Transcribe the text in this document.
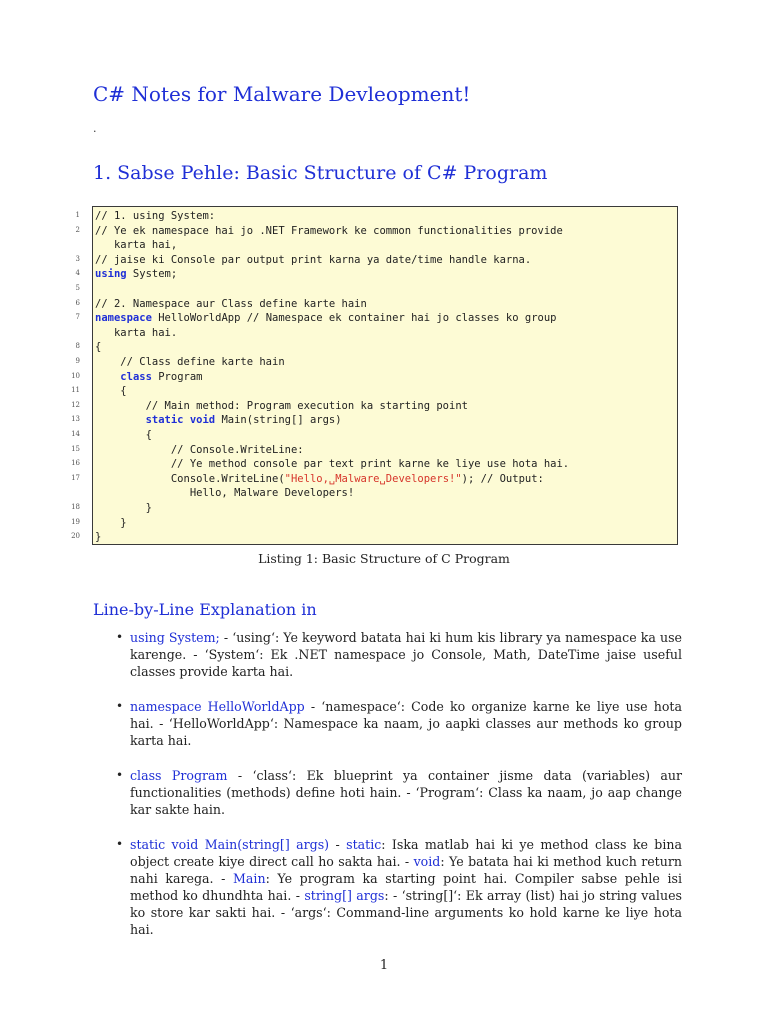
C# Notes for Malware Devleopment!
.
1. Sabse Pehle: Basic Structure of C# Program
// 1. using System:
// Ye ek namespace hai jo .NET Framework ke common functionalities provide
karta hai,
// jaise ki Console par output print karna ya date/time handle karna.
using System;
// 2. Namespace aur Class define karte hain
namespace HelloWorldApp // Namespace ek container hai jo classes ko group
karta hai.
{
// Class define karte hain
class Program
{
// Main method: Program execution ka starting point
static void Main(string[] args)
{
// Console.WriteLine:
// Ye method console par text print karne ke liye use hota hai.
Console.WriteLine("Hello,␣Malware␣Developers!"); // Output:
Hello, Malware Developers!
}
}
}
1
2
3
4
5
6
7
8
9
10
11
12
13
14
15
16
17
18
19
20
Listing 1: Basic Structure of C Program
Line-by-Line Explanation in
• using System; - ‘using‘: Ye keyword batata hai ki hum kis library ya namespace ka use karenge. - ‘System‘: Ek .NET namespace jo Console, Math, DateTime jaise useful classes provide karta hai.
• namespace HelloWorldApp - ‘namespace‘: Code ko organize karne ke liye use hota hai. - ‘HelloWorldApp‘: Namespace ka naam, jo aapki classes aur methods ko group karta hai.
• class Program - ‘class‘: Ek blueprint ya container jisme data (variables) aur functionalities (methods) define hoti hain. - ‘Program‘: Class ka naam, jo aap change kar sakte hain.
• static void Main(string[] args) - static: Iska matlab hai ki ye method class ke bina object create kiye direct call ho sakta hai. - void: Ye batata hai ki method kuch return nahi karega. - Main: Ye program ka starting point hai. Compiler sabse pehle isi method ko dhundhta hai. - string[] args: - ‘string[]‘: Ek array (list) hai jo string values ko store kar sakti hai. - ‘args‘: Command-line arguments ko hold karne ke liye hota hai.
1
